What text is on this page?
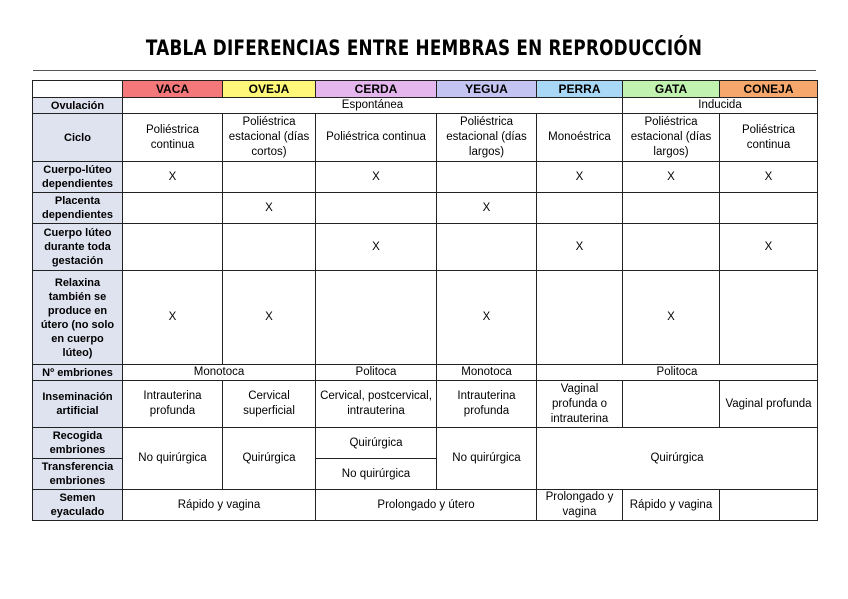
TABLA DIFERENCIAS ENTRE HEMBRAS EN REPRODUCCIÓN
	VACA	OVEJA	CERDA	YEGUA	PERRA	GATA	CONEJA
Ovulación	Espontánea					Inducida	
Ciclo	Poliéstrica continua	Poliéstrica estacional (días cortos)	Poliéstrica continua	Poliéstrica estacional (días largos)	Monoéstrica	Poliéstrica estacional (días largos)	Poliéstrica continua
Cuerpo-lúteo dependientes	X		X		X	X	X
Placenta dependientes		X		X			
Cuerpo lúteo durante toda gestación			X		X		X
Relaxina también se produce en útero (no solo en cuerpo lúteo)	X	X		X		X	
Nº embriones	Monotoca		Politoca	Monotoca	Politoca		
Inseminación artificial	Intrauterina profunda	Cervical superficial	Cervical, postcervical, intrauterina	Intrauterina profunda	Vaginal profunda o intrauterina		Vaginal profunda
Recogida embriones	No quirúrgica	Quirúrgica	Quirúrgica	No quirúrgica	Quirúrgica		
Transferencia embriones			No quirúrgica				
Semen eyaculado	Rápido y vagina		Prolongado y útero		Prolongado y vagina	Rápido y vagina	
